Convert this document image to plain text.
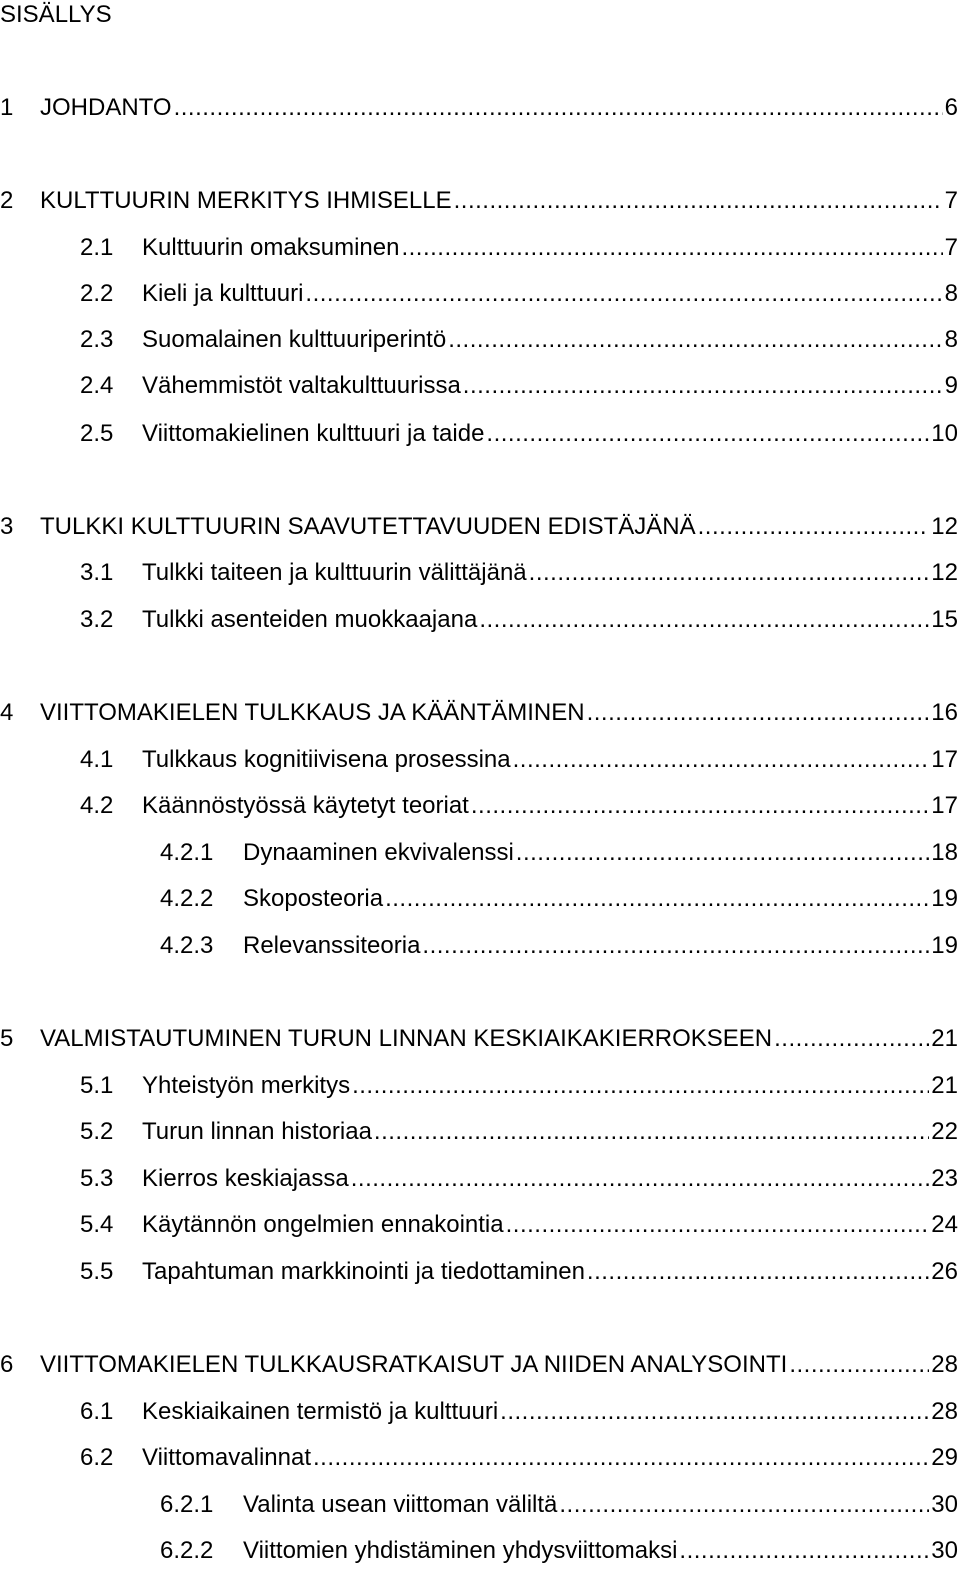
SISÄLLYS
1	JOHDANTO .....	6
2	KULTTUURIN MERKITYS IHMISELLE .....	7
2.1	Kulttuurin omaksuminen .....	7
2.2	Kieli ja kulttuuri .....	8
2.3	Suomalainen kulttuuriperintö .....	8
2.4	Vähemmistöt valtakulttuurissa .....	9
2.5	Viittomakielinen kulttuuri ja taide .....	10
3	TULKKI KULTTUURIN SAAVUTETTAVUUDEN EDISTÄJÄNÄ .....	12
3.1	Tulkki taiteen ja kulttuurin välittäjänä .....	12
3.2	Tulkki asenteiden muokkaajana .....	15
4	VIITTOMAKIELEN TULKKAUS JA KÄÄNTÄMINEN .....	16
4.1	Tulkkaus kognitiivisena prosessina .....	17
4.2	Käännöstyössä käytetyt teoriat .....	17
4.2.1	Dynaaminen ekvivalenssi .....	18
4.2.2	Skoposteoria .....	19
4.2.3	Relevanssiteoria .....	19
5	VALMISTAUTUMINEN TURUN LINNAN KESKIAIKAKIERROKSEEN .....	21
5.1	Yhteistyön merkitys .....	21
5.2	Turun linnan historiaa .....	22
5.3	Kierros keskiajassa .....	23
5.4	Käytännön ongelmien ennakointia .....	24
5.5	Tapahtuman markkinointi ja tiedottaminen .....	26
6	VIITTOMAKIELEN TULKKAUSRATKAISUT JA NIIDEN ANALYSOINTI .....	28
6.1	Keskiaikainen termistö ja kulttuuri .....	28
6.2	Viittomavalinnat .....	29
6.2.1	Valinta usean viittoman väliltä .....	30
6.2.2	Viittomien yhdistäminen yhdysviittomaksi .....	30
